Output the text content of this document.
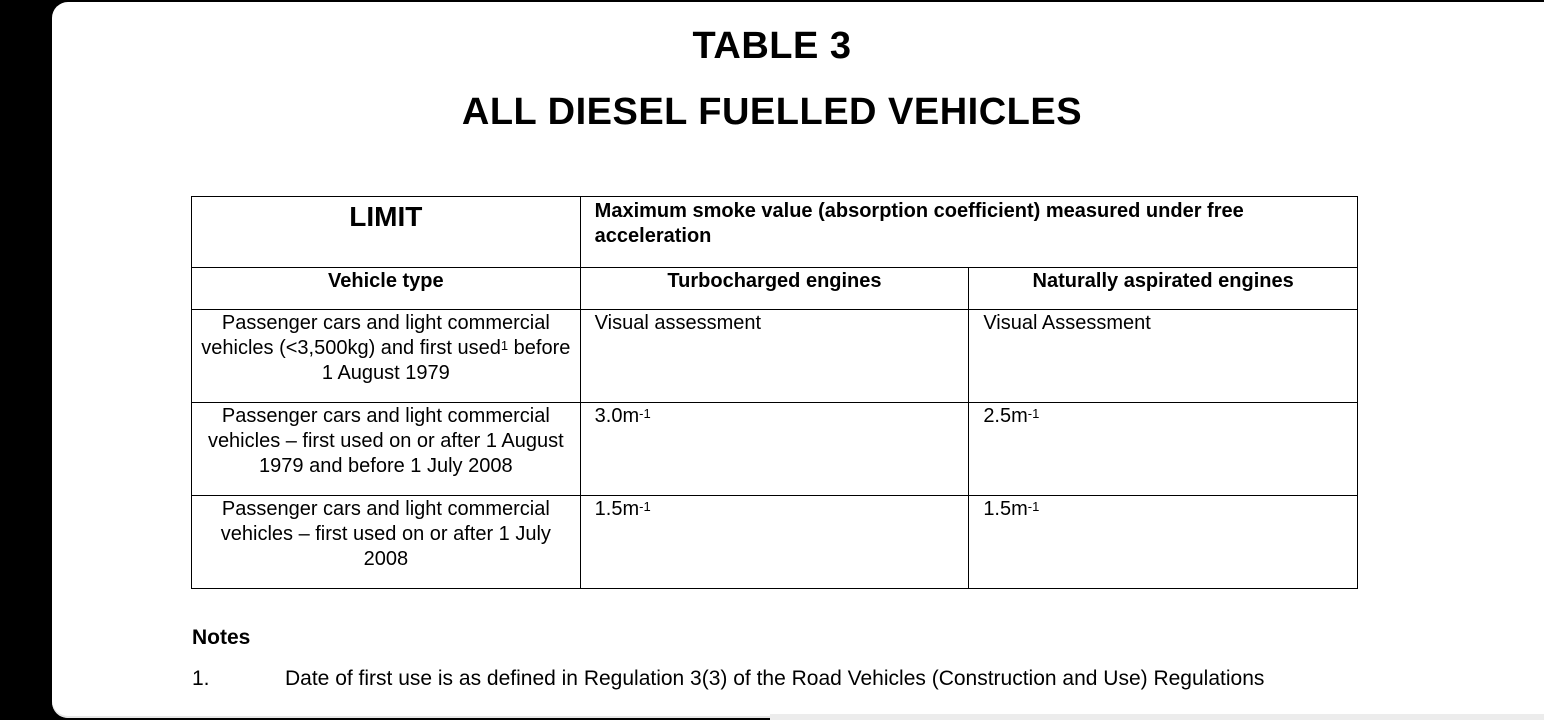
TABLE 3
ALL DIESEL FUELLED VEHICLES
LIMIT	Maximum smoke value (absorption coefficient) measured under free acceleration	
Vehicle type	Turbocharged engines	Naturally aspirated engines
Passenger cars and light commercial vehicles (<3,500kg) and first used$^1$ before 1 August 1979	Visual assessment	Visual Assessment
Passenger cars and light commercial vehicles – first used on or after 1 August 1979 and before 1 July 2008	$3.0m^{-1}$	$2.5m^{-1}$
Passenger cars and light commercial vehicles – first used on or after 1 July 2008	$1.5m^{-1}$	$1.5m^{-1}$
Notes
1.	Date of first use is as defined in Regulation 3(3) of the Road Vehicles (Construction and Use) Regulations
